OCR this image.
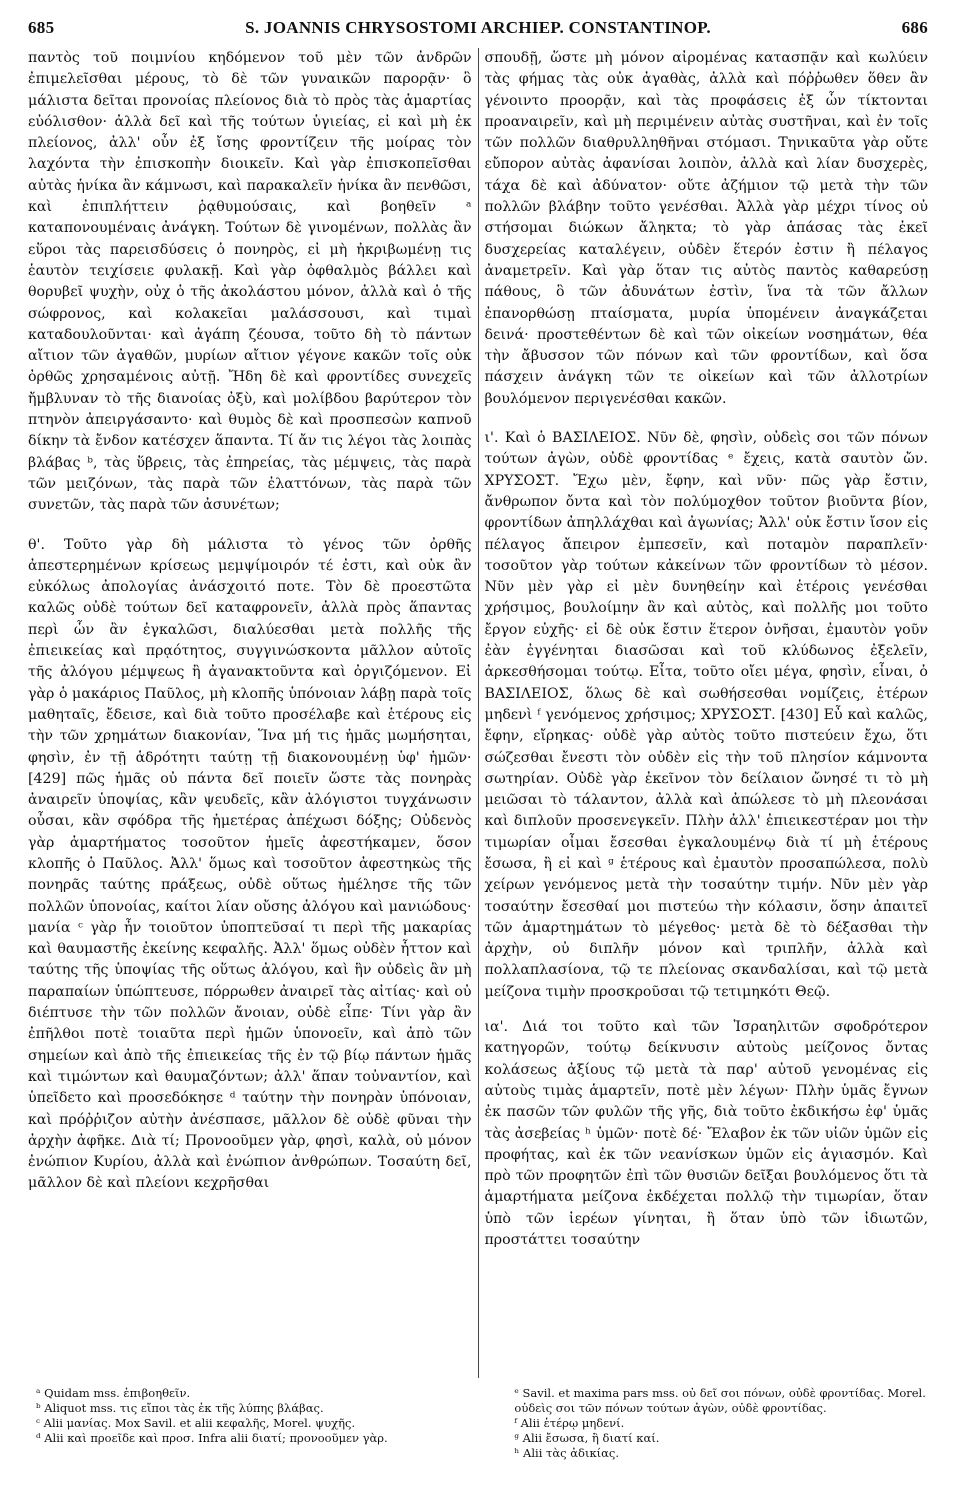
685	S. JOANNIS CHRYSOSTOMI ARCHIEP. CONSTANTINOP.	686

παντὸς τοῦ ποιμνίου κηδόμενον τοῦ μὲν τῶν ἀνδρῶν ἐπιμελεῖσθαι μέρους, τὸ δὲ τῶν γυναικῶν παρορᾷν· ὃ μάλιστα δεῖται προνοίας πλείονος διὰ τὸ πρὸς τὰς ἁμαρτίας εὐόλισθον· ἀλλὰ δεῖ καὶ τῆς τούτων ὑγιείας, εἰ καὶ μὴ ἐκ πλείονος, ἀλλ' οὖν ἐξ ἴσης φροντίζειν τῆς μοίρας τὸν λαχόντα τὴν ἐπισκοπὴν διοικεῖν. Καὶ γὰρ ἐπισκοπεῖσθαι αὐτὰς ἡνίκα ἂν κάμνωσι, καὶ παρακαλεῖν ἡνίκα ἂν πενθῶσι, καὶ ἐπιπλήττειν ῥᾳθυμούσαις, καὶ βοηθεῖν ᵃ καταπονουμέναις ἀνάγκη. Τούτων δὲ γινομένων, πολλὰς ἂν εὕροι τὰς παρεισδύσεις ὁ πονηρὸς, εἰ μὴ ἠκριβωμένῃ τις ἑαυτὸν τειχίσειε φυλακῇ. Καὶ γὰρ ὀφθαλμὸς βάλλει καὶ θορυβεῖ ψυχὴν, οὐχ ὁ τῆς ἀκολάστου μόνον, ἀλλὰ καὶ ὁ τῆς σώφρονος, καὶ κολακεῖαι μαλάσσουσι, καὶ τιμαὶ καταδουλοῦνται· καὶ ἀγάπη ζέουσα, τοῦτο δὴ τὸ πάντων αἴτιον τῶν ἀγαθῶν, μυρίων αἴτιον γέγονε κακῶν τοῖς οὐκ ὀρθῶς χρησαμένοις αὐτῇ. Ἤδη δὲ καὶ φροντίδες συνεχεῖς ἤμβλυναν τὸ τῆς διανοίας ὀξὺ, καὶ μολίβδου βαρύτερον τὸν πτηνὸν ἀπειργάσαντο· καὶ θυμὸς δὲ καὶ προσπεσὼν καπνοῦ δίκην τὰ ἔνδον κατέσχεν ἅπαντα. Τί ἄν τις λέγοι τὰς λοιπὰς βλάβας ᵇ, τὰς ὕβρεις, τὰς ἐπηρείας, τὰς μέμψεις, τὰς παρὰ τῶν μειζόνων, τὰς παρὰ τῶν ἐλαττόνων, τὰς παρὰ τῶν συνετῶν, τὰς παρὰ τῶν ἀσυνέτων;

θ'. Τοῦτο γὰρ δὴ μάλιστα τὸ γένος τῶν ὀρθῆς ἀπεστερημένων κρίσεως μεμψίμοιρόν τέ ἐστι, καὶ οὐκ ἂν εὐκόλως ἀπολογίας ἀνάσχοιτό ποτε. Τὸν δὲ προεστῶτα καλῶς οὐδὲ τούτων δεῖ καταφρονεῖν, ἀλλὰ πρὸς ἅπαντας περὶ ὧν ἂν ἐγκαλῶσι, διαλύεσθαι μετὰ πολλῆς τῆς ἐπιεικείας καὶ πρᾳότητος, συγγινώσκοντα μᾶλλον αὐτοῖς τῆς ἀλόγου μέμψεως ἢ ἀγανακτοῦντα καὶ ὀργιζόμενον. Εἰ γὰρ ὁ μακάριος Παῦλος, μὴ κλοπῆς ὑπόνοιαν λάβῃ παρὰ τοῖς μαθηταῖς, ἔδεισε, καὶ διὰ τοῦτο προσέλαβε καὶ ἑτέρους εἰς τὴν τῶν χρημάτων διακονίαν, Ἵνα μή τις ἡμᾶς μωμήσηται, φησὶν, ἐν τῇ ἁδρότητι ταύτῃ τῇ διακονουμένῃ ὑφ' ἡμῶν· [429] πῶς ἡμᾶς οὐ πάντα δεῖ ποιεῖν ὥστε τὰς πονηρὰς ἀναιρεῖν ὑποψίας, κἂν ψευδεῖς, κἂν ἀλόγιστοι τυγχάνωσιν οὖσαι, κἂν σφόδρα τῆς ἡμετέρας ἀπέχωσι δόξης; Οὐδενὸς γὰρ ἁμαρτήματος τοσοῦτον ἡμεῖς ἀφεστήκαμεν, ὅσον κλοπῆς ὁ Παῦλος. Ἀλλ' ὅμως καὶ τοσοῦτον ἀφεστηκὼς τῆς πονηρᾶς ταύτης πράξεως, οὐδὲ οὕτως ἠμέλησε τῆς τῶν πολλῶν ὑπονοίας, καίτοι λίαν οὔσης ἀλόγου καὶ μανιώδους· μανία ᶜ γὰρ ἦν τοιοῦτον ὑποπτεῦσαί τι περὶ τῆς μακαρίας καὶ θαυμαστῆς ἐκείνης κεφαλῆς. Ἀλλ' ὅμως οὐδὲν ἧττον καὶ ταύτης τῆς ὑποψίας τῆς οὕτως ἀλόγου, καὶ ἣν οὐδεὶς ἂν μὴ παραπαίων ὑπώπτευσε, πόρρωθεν ἀναιρεῖ τὰς αἰτίας· καὶ οὐ διέπτυσε τὴν τῶν πολλῶν ἄνοιαν, οὐδὲ εἶπε· Τίνι γὰρ ἂν ἐπῆλθοι ποτὲ τοιαῦτα περὶ ἡμῶν ὑπονοεῖν, καὶ ἀπὸ τῶν σημείων καὶ ἀπὸ τῆς ἐπιεικείας τῆς ἐν τῷ βίῳ πάντων ἡμᾶς καὶ τιμώντων καὶ θαυμαζόντων; ἀλλ' ἅπαν τοὐναντίον, καὶ ὑπεῖδετο καὶ προσεδόκησε ᵈ ταύτην τὴν πονηρὰν ὑπόνοιαν, καὶ πρόῤῥιζον αὐτὴν ἀνέσπασε, μᾶλλον δὲ οὐδὲ φῦναι τὴν ἀρχὴν ἀφῆκε. Διὰ τί; Προνοοῦμεν γὰρ, φησὶ, καλὰ, οὐ μόνον ἐνώπιον Κυρίου, ἀλλὰ καὶ ἐνώπιον ἀνθρώπων. Τοσαύτη δεῖ, μᾶλλον δὲ καὶ πλείονι κεχρῆσθαι

σπουδῇ, ὥστε μὴ μόνον αἰρομένας κατασπᾷν καὶ κωλύειν τὰς φήμας τὰς οὐκ ἀγαθὰς, ἀλλὰ καὶ πόῤῥωθεν ὅθεν ἂν γένοιντο προορᾷν, καὶ τὰς προφάσεις ἐξ ὧν τίκτονται προαναιρεῖν, καὶ μὴ περιμένειν αὐτὰς συστῆναι, καὶ ἐν τοῖς τῶν πολλῶν διαθρυλληθῆναι στόμασι. Τηνικαῦτα γὰρ οὔτε εὔπορον αὐτὰς ἀφανίσαι λοιπὸν, ἀλλὰ καὶ λίαν δυσχερὲς, τάχα δὲ καὶ ἀδύνατον· οὔτε ἀζήμιον τῷ μετὰ τὴν τῶν πολλῶν βλάβην τοῦτο γενέσθαι. Ἀλλὰ γὰρ μέχρι τίνος οὐ στήσομαι διώκων ἄληκτα; τὸ γὰρ ἁπάσας τὰς ἐκεῖ δυσχερείας καταλέγειν, οὐδὲν ἕτερόν ἐστιν ἢ πέλαγος ἀναμετρεῖν. Καὶ γὰρ ὅταν τις αὐτὸς παντὸς καθαρεύσῃ πάθους, ὃ τῶν ἀδυνάτων ἐστὶν, ἵνα τὰ τῶν ἄλλων ἐπανορθώσῃ πταίσματα, μυρία ὑπομένειν ἀναγκάζεται δεινά· προστεθέντων δὲ καὶ τῶν οἰκείων νοσημάτων, θέα τὴν ἄβυσσον τῶν πόνων καὶ τῶν φροντίδων, καὶ ὅσα πάσχειν ἀνάγκη τῶν τε οἰκείων καὶ τῶν ἀλλοτρίων βουλόμενον περιγενέσθαι κακῶν.

ι'. Καὶ ὁ ΒΑΣΙΛΕΙΟΣ. Νῦν δὲ, φησὶν, οὐδεὶς σοι τῶν πόνων τούτων ἀγὼν, οὐδὲ φροντίδας ᵉ ἔχεις, κατὰ σαυτὸν ὤν. ΧΡΥΣΟΣΤ. Ἔχω μὲν, ἔφην, καὶ νῦν· πῶς γὰρ ἔστιν, ἄνθρωπον ὄντα καὶ τὸν πολύμοχθον τοῦτον βιοῦντα βίον, φροντίδων ἀπηλλάχθαι καὶ ἀγωνίας; Ἀλλ' οὐκ ἔστιν ἴσον εἰς πέλαγος ἄπειρον ἐμπεσεῖν, καὶ ποταμὸν παραπλεῖν· τοσοῦτον γὰρ τούτων κἀκείνων τῶν φροντίδων τὸ μέσον. Νῦν μὲν γὰρ εἰ μὲν δυνηθείην καὶ ἑτέροις γενέσθαι χρήσιμος, βουλοίμην ἂν καὶ αὐτὸς, καὶ πολλῆς μοι τοῦτο ἔργον εὐχῆς· εἰ δὲ οὐκ ἔστιν ἕτερον ὀνῆσαι, ἐμαυτὸν γοῦν ἐὰν ἐγγένηται διασῶσαι καὶ τοῦ κλύδωνος ἐξελεῖν, ἀρκεσθήσομαι τούτῳ. Εἶτα, τοῦτο οἴει μέγα, φησὶν, εἶναι, ὁ ΒΑΣΙΛΕΙΟΣ, ὅλως δὲ καὶ σωθήσεσθαι νομίζεις, ἑτέρων μηδενὶ ᶠ γενόμενος χρήσιμος; ΧΡΥΣΟΣΤ. [430] Εὖ καὶ καλῶς, ἔφην, εἴρηκας· οὐδὲ γὰρ αὐτὸς τοῦτο πιστεύειν ἔχω, ὅτι σώζεσθαι ἔνεστι τὸν οὐδὲν εἰς τὴν τοῦ πλησίον κάμνοντα σωτηρίαν. Οὐδὲ γὰρ ἐκεῖνον τὸν δείλαιον ὤνησέ τι τὸ μὴ μειῶσαι τὸ τάλαντον, ἀλλὰ καὶ ἀπώλεσε τὸ μὴ πλεονάσαι καὶ διπλοῦν προσενεγκεῖν. Πλὴν ἀλλ' ἐπιεικεστέραν μοι τὴν τιμωρίαν οἶμαι ἔσεσθαι ἐγκαλουμένῳ διὰ τί μὴ ἑτέρους ἔσωσα, ἢ εἰ καὶ ᵍ ἑτέρους καὶ ἐμαυτὸν προσαπώλεσα, πολὺ χείρων γενόμενος μετὰ τὴν τοσαύτην τιμήν. Νῦν μὲν γὰρ τοσαύτην ἔσεσθαί μοι πιστεύω τὴν κόλασιν, ὅσην ἀπαιτεῖ τῶν ἁμαρτημάτων τὸ μέγεθος· μετὰ δὲ τὸ δέξασθαι τὴν ἀρχὴν, οὐ διπλῆν μόνον καὶ τριπλῆν, ἀλλὰ καὶ πολλαπλασίονα, τῷ τε πλείονας σκανδαλίσαι, καὶ τῷ μετὰ μείζονα τιμὴν προσκροῦσαι τῷ τετιμηκότι Θεῷ.

ια'. Διά τοι τοῦτο καὶ τῶν Ἰσραηλιτῶν σφοδρότερον κατηγορῶν, τούτῳ δείκνυσιν αὐτοὺς μείζονος ὄντας κολάσεως ἀξίους τῷ μετὰ τὰ παρ' αὐτοῦ γενομένας εἰς αὐτοὺς τιμὰς ἁμαρτεῖν, ποτὲ μὲν λέγων· Πλὴν ὑμᾶς ἔγνων ἐκ πασῶν τῶν φυλῶν τῆς γῆς, διὰ τοῦτο ἐκδικήσω ἐφ' ὑμᾶς τὰς ἀσεβείας ʰ ὑμῶν· ποτὲ δέ· Ἔλαβον ἐκ τῶν υἱῶν ὑμῶν εἰς προφήτας, καὶ ἐκ τῶν νεανίσκων ὑμῶν εἰς ἁγιασμόν. Καὶ πρὸ τῶν προφητῶν ἐπὶ τῶν θυσιῶν δεῖξαι βουλόμενος ὅτι τὰ ἁμαρτήματα μείζονα ἐκδέχεται πολλῷ τὴν τιμωρίαν, ὅταν ὑπὸ τῶν ἱερέων γίνηται, ἢ ὅταν ὑπὸ τῶν ἰδιωτῶν, προστάττει τοσαύτην

ᵃ Quidam mss. ἐπιβοηθεῖν.

ᵇ Aliquot mss. τις εἴποι τὰς ἐκ τῆς λύπης βλάβας.

ᶜ Alii μανίας. Mox Savil. et alii κεφαλῆς, Morel. ψυχῆς.

ᵈ Alii καὶ προεῖδε καὶ προσ. Infra alii διατί; προνοοῦμεν γὰρ.

ᵉ Savil. et maxima pars mss. οὐ δεῖ σοι πόνων, οὐδὲ φροντίδας. Morel. οὐδεὶς σοι τῶν πόνων τούτων ἀγὼν, οὐδὲ φροντίδας.

ᶠ Alii ἑτέρῳ μηδενί.

ᵍ Alii ἔσωσα, ἢ διατί καί.

ʰ Alii τὰς ἀδικίας.
